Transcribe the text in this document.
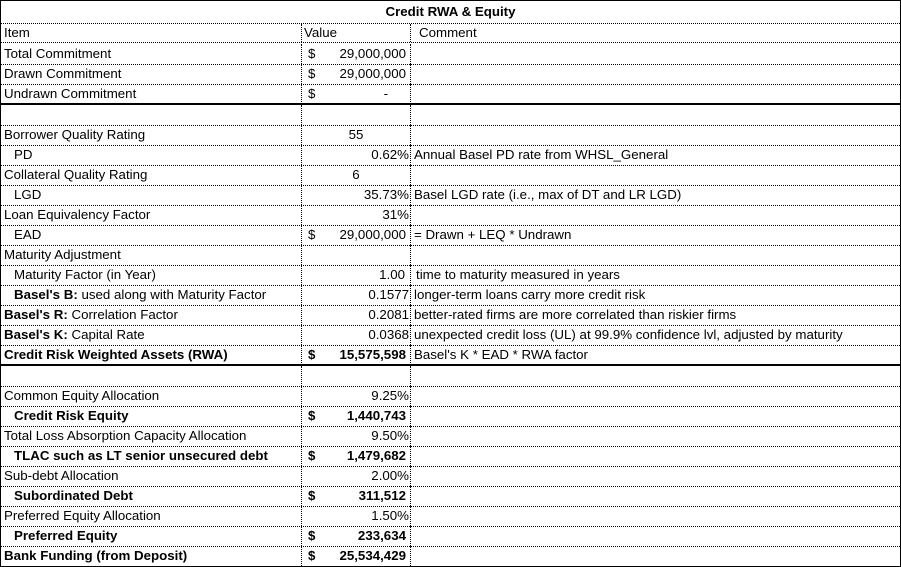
Credit RWA & Equity
Item	Value	Comment
Total Commitment	$ 29,000,000
Drawn Commitment	$ 29,000,000
Undrawn Commitment	$	-
Borrower Quality Rating	55
PD	0.62% Annual Basel PD rate from WHSL_General
Collateral Quality Rating	6
LGD	35.73% Basel LGD rate (i.e., max of DT and LR LGD)
Loan Equivalency Factor	31%
EAD	$ 29,000,000 = Drawn + LEQ * Undrawn
Maturity Adjustment
Maturity Factor (in Year)	1.00 time to maturity measured in years
Basel's B: used along with Maturity Factor	0.1577 longer-term loans carry more credit risk
Basel's R: Correlation Factor	0.2081 better-rated firms are more correlated than riskier firms
Basel's K: Capital Rate	0.0368 unexpected credit loss (UL) at 99.9% confidence lvl, adjusted by maturity
Credit Risk Weighted Assets (RWA)	$ 15,575,598 Basel's K * EAD * RWA factor
Common Equity Allocation	9.25%
Credit Risk Equity	$ 1,440,743
Total Loss Absorption Capacity Allocation	9.50%
TLAC such as LT senior unsecured debt	$ 1,479,682
Sub-debt Allocation	2.00%
Subordinated Debt	$	311,512
Preferred Equity Allocation	1.50%
Preferred Equity	$	233,634
Bank Funding (from Deposit)	$ 25,534,429
